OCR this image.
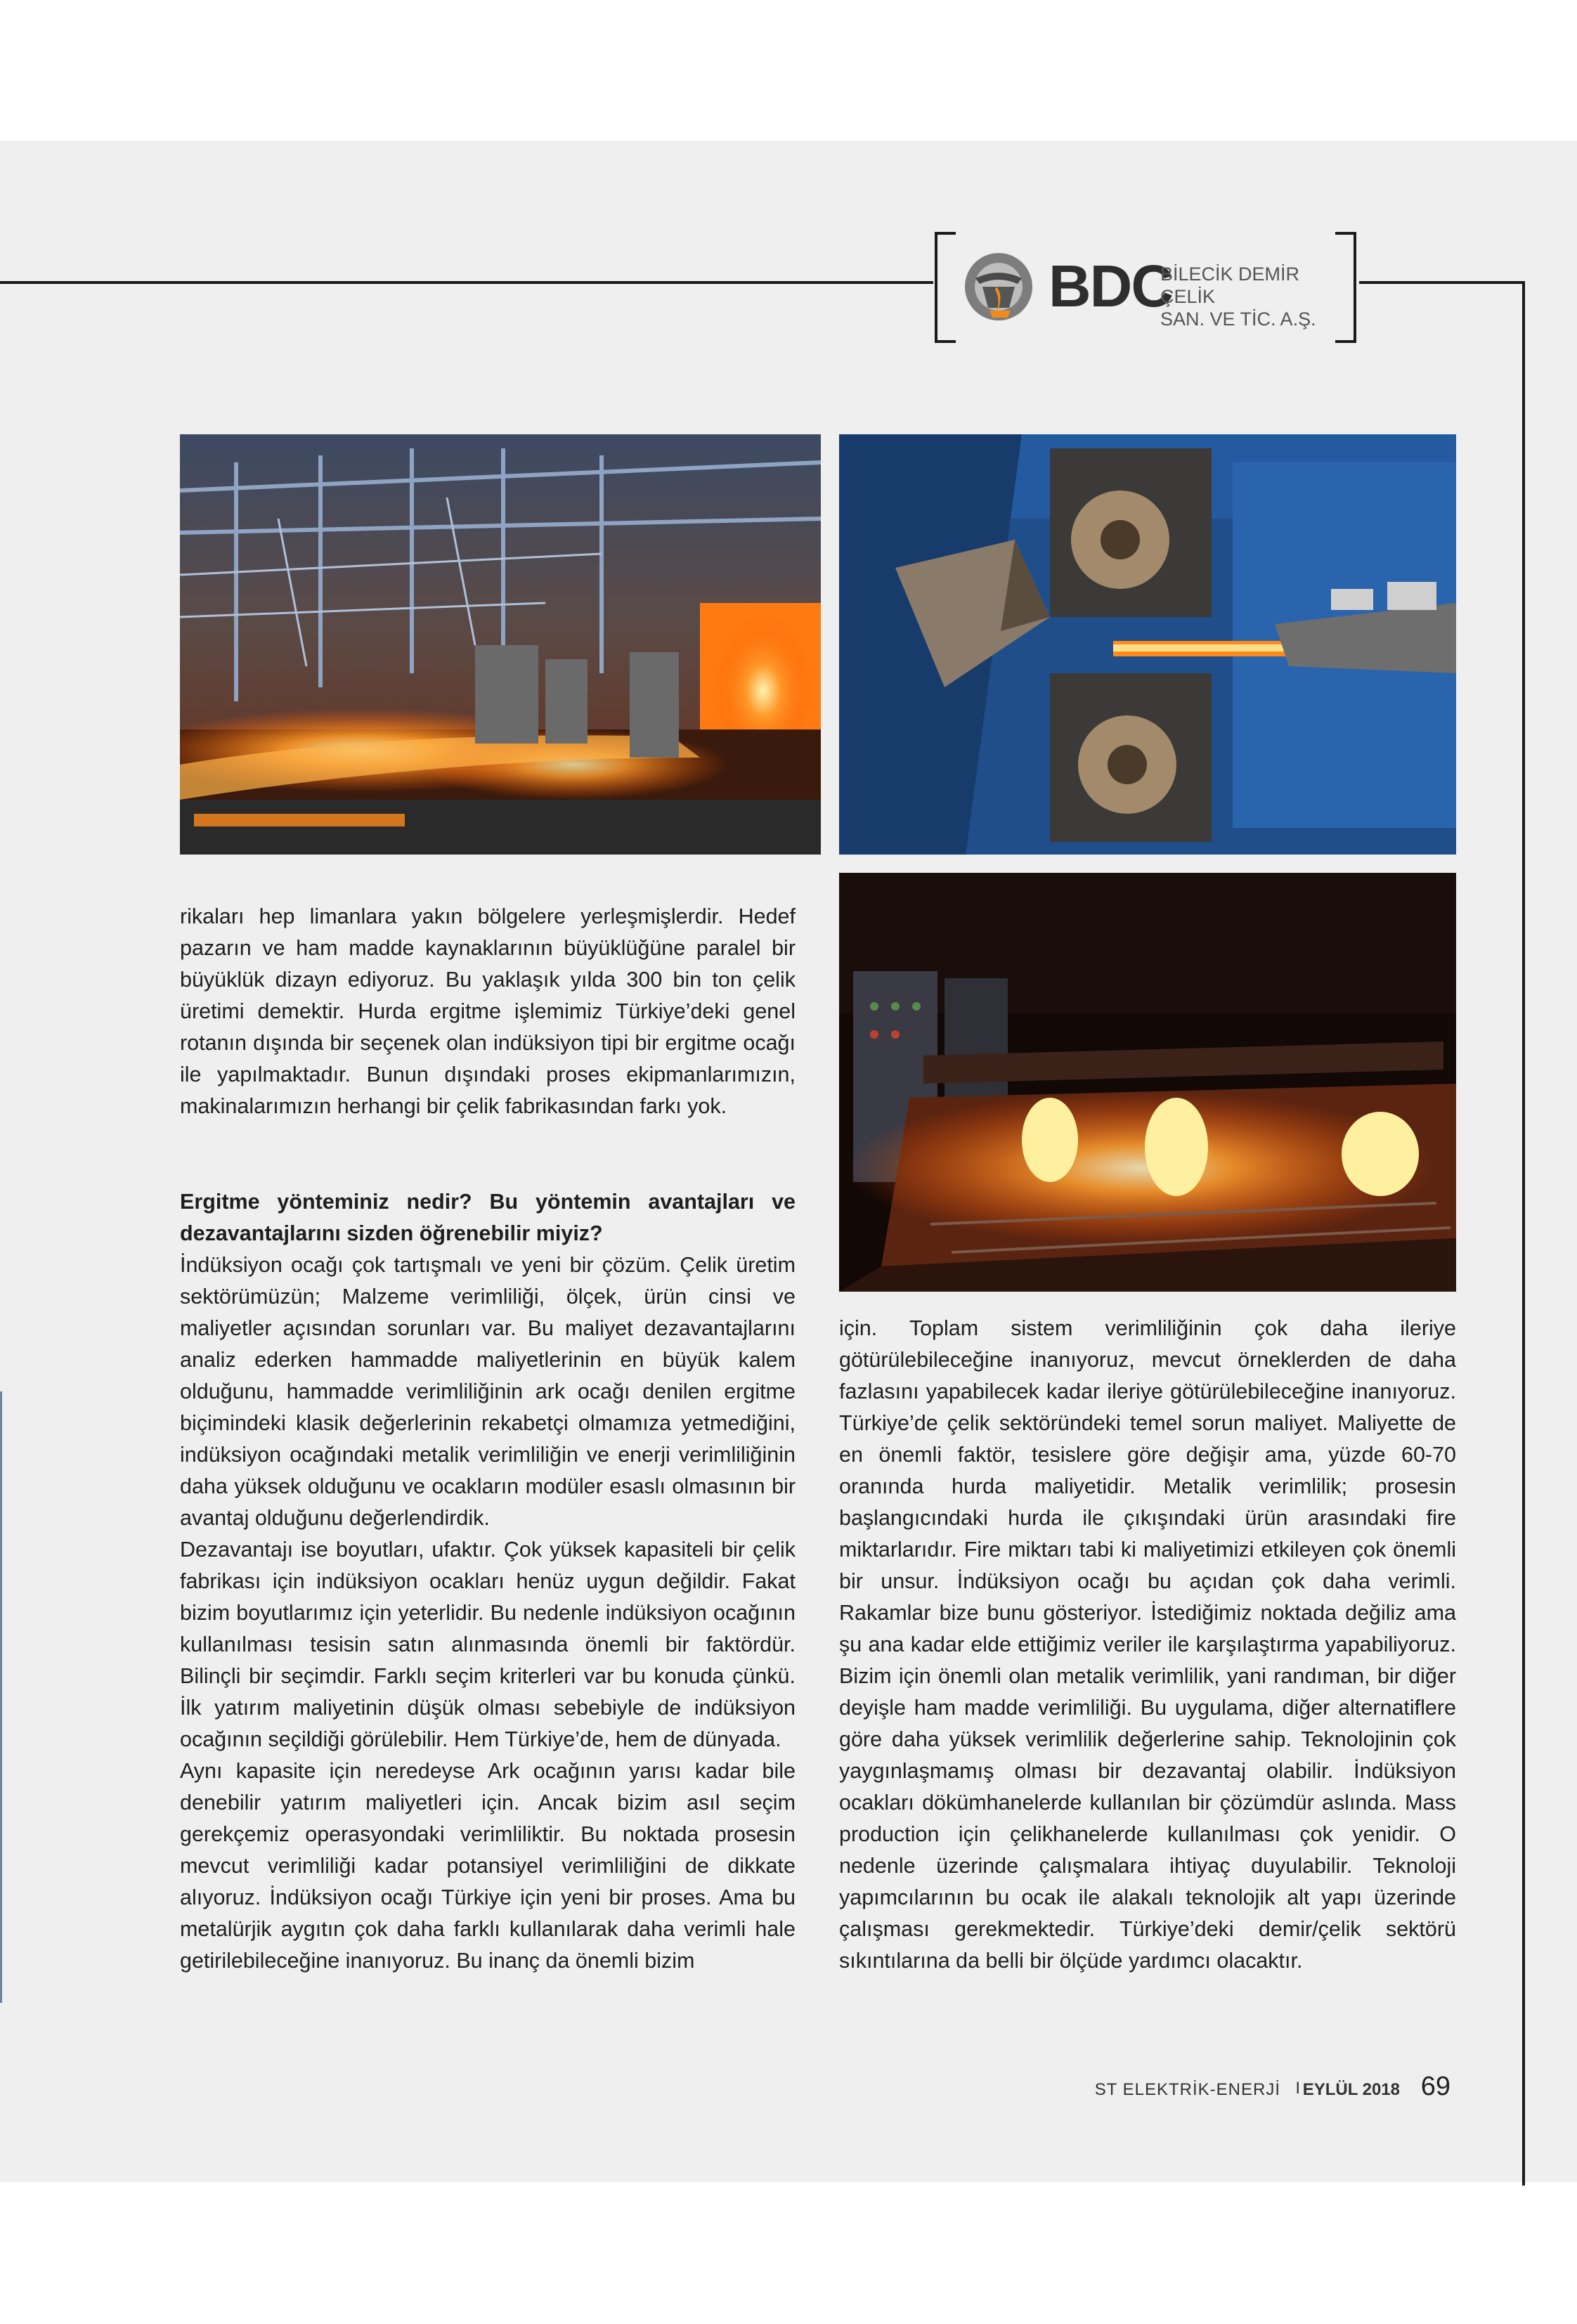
BDC
BİLECİK DEMİR ÇELİK
SAN. VE TİC. A.Ş.
rikaları hep limanlara yakın bölgelere yerleşmişlerdir. Hedef pazarın ve ham madde kaynaklarının büyüklüğüne paralel bir büyüklük dizayn ediyoruz. Bu yaklaşık yılda 300 bin ton çelik üretimi demektir. Hurda ergitme işlemimiz Türkiye’deki genel rotanın dışında bir seçenek olan indüksiyon tipi bir ergitme ocağı ile yapılmaktadır. Bunun dışındaki proses ekipmanlarımızın, makinalarımızın herhangi bir çelik fabrikasından farkı yok.

Ergitme yönteminiz nedir? Bu yöntemin avantajları ve dezavantajlarını sizden öğrenebilir miyiz?

İndüksiyon ocağı çok tartışmalı ve yeni bir çözüm. Çelik üretim sektörümüzün; Malzeme verimliliği, ölçek, ürün cinsi ve maliyetler açısından sorunları var. Bu maliyet dezavantajlarını analiz ederken hammadde maliyetlerinin en büyük kalem olduğunu, hammadde verimliliğinin ark ocağı denilen ergitme biçimindeki klasik değerlerinin rekabetçi olmamıza yetmediğini, indüksiyon ocağındaki metalik verimliliğin ve enerji verimliliğinin daha yüksek olduğunu ve ocakların modüler esaslı olmasının bir avantaj olduğunu değerlendirdik.

Dezavantajı ise boyutları, ufaktır. Çok yüksek kapasiteli bir çelik fabrikası için indüksiyon ocakları henüz uygun değildir. Fakat bizim boyutlarımız için yeterlidir. Bu nedenle indüksiyon ocağının kullanılması tesisin satın alınmasında önemli bir faktördür. Bilinçli bir seçimdir. Farklı seçim kriterleri var bu konuda çünkü. İlk yatırım maliyetinin düşük olması sebebiyle de indüksiyon ocağının seçildiği görülebilir. Hem Türkiye’de, hem de dünyada.

Aynı kapasite için neredeyse Ark ocağının yarısı kadar bile denebilir yatırım maliyetleri için. Ancak bizim asıl seçim gerekçemiz operasyondaki verimliliktir. Bu noktada prosesin mevcut verimliliği kadar potansiyel verimliliğini de dikkate alıyoruz. İndüksiyon ocağı Türkiye için yeni bir proses. Ama bu metalürjik aygıtın çok daha farklı kullanılarak daha verimli hale getirilebileceğine inanıyoruz. Bu inanç da önemli bizim

için. Toplam sistem verimliliğinin çok daha ileriye götürülebileceğine inanıyoruz, mevcut örneklerden de daha fazlasını yapabilecek kadar ileriye götürülebileceğine inanıyoruz. Türkiye’de çelik sektöründeki temel sorun maliyet. Maliyette de en önemli faktör, tesislere göre değişir ama, yüzde 60-70 oranında hurda maliyetidir. Metalik verimlilik; prosesin başlangıcındaki hurda ile çıkışındaki ürün arasındaki fire miktarlarıdır. Fire miktarı tabi ki maliyetimizi etkileyen çok önemli bir unsur. İndüksiyon ocağı bu açıdan çok daha verimli. Rakamlar bize bunu gösteriyor. İstediğimiz noktada değiliz ama şu ana kadar elde ettiğimiz veriler ile karşılaştırma yapabiliyoruz. Bizim için önemli olan metalik verimlilik, yani randıman, bir diğer deyişle ham madde verimliliği. Bu uygulama, diğer alternatiflere göre daha yüksek verimlilik değerlerine sahip. Teknolojinin çok yaygınlaşmamış olması bir dezavantaj olabilir. İndüksiyon ocakları dökümhanelerde kullanılan bir çözümdür aslında. Mass production için çelikhanelerde kullanılması çok yenidir. O nedenle üzerinde çalışmalara ihtiyaç duyulabilir. Teknoloji yapımcılarının bu ocak ile alakalı teknolojik alt yapı üzerinde çalışması gerekmektedir. Türkiye’deki demir/çelik sektörü sıkıntılarına da belli bir ölçüde yardımcı olacaktır.
ST ELEKTRİK-ENERJİ I EYLÜL 2018 69
